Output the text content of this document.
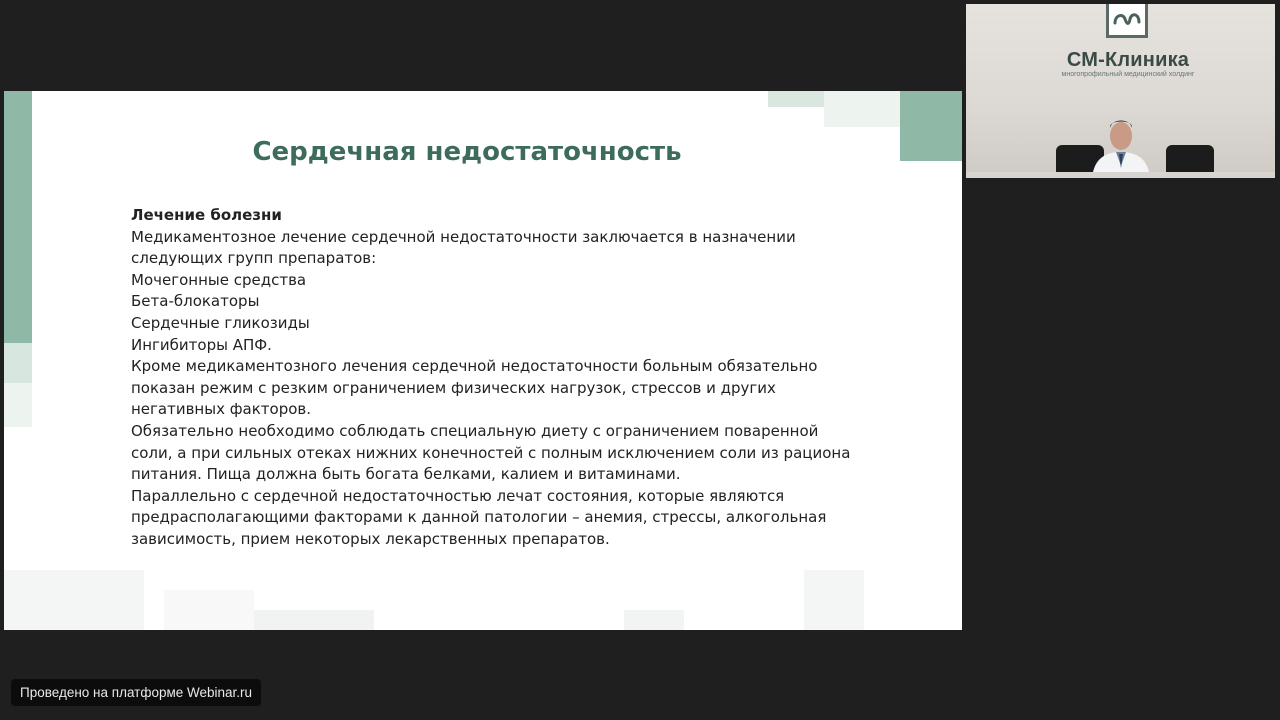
Сердечная недостаточность

Лечение болезни

Медикаментозное лечение сердечной недостаточности заключается в назначении следующих групп препаратов:

Мочегонные средства

Бета-блокаторы

Сердечные гликозиды

Ингибиторы АПФ.

Кроме медикаментозного лечения сердечной недостаточности больным обязательно показан режим с резким ограничением физических нагрузок, стрессов и других негативных факторов.

Обязательно необходимо соблюдать специальную диету с ограничением поваренной соли, а при сильных отеках нижних конечностей с полным исключением соли из рациона питания. Пища должна быть богата белками, калием и витаминами.

Параллельно с сердечной недостаточностью лечат состояния, которые являются предрасполагающими факторами к данной патологии – анемия, стрессы, алкогольная зависимость, прием некоторых лекарственных препаратов.

СМ-Клиника
многопрофильный медицинский холдинг
Проведено на платформе Webinar.ru
